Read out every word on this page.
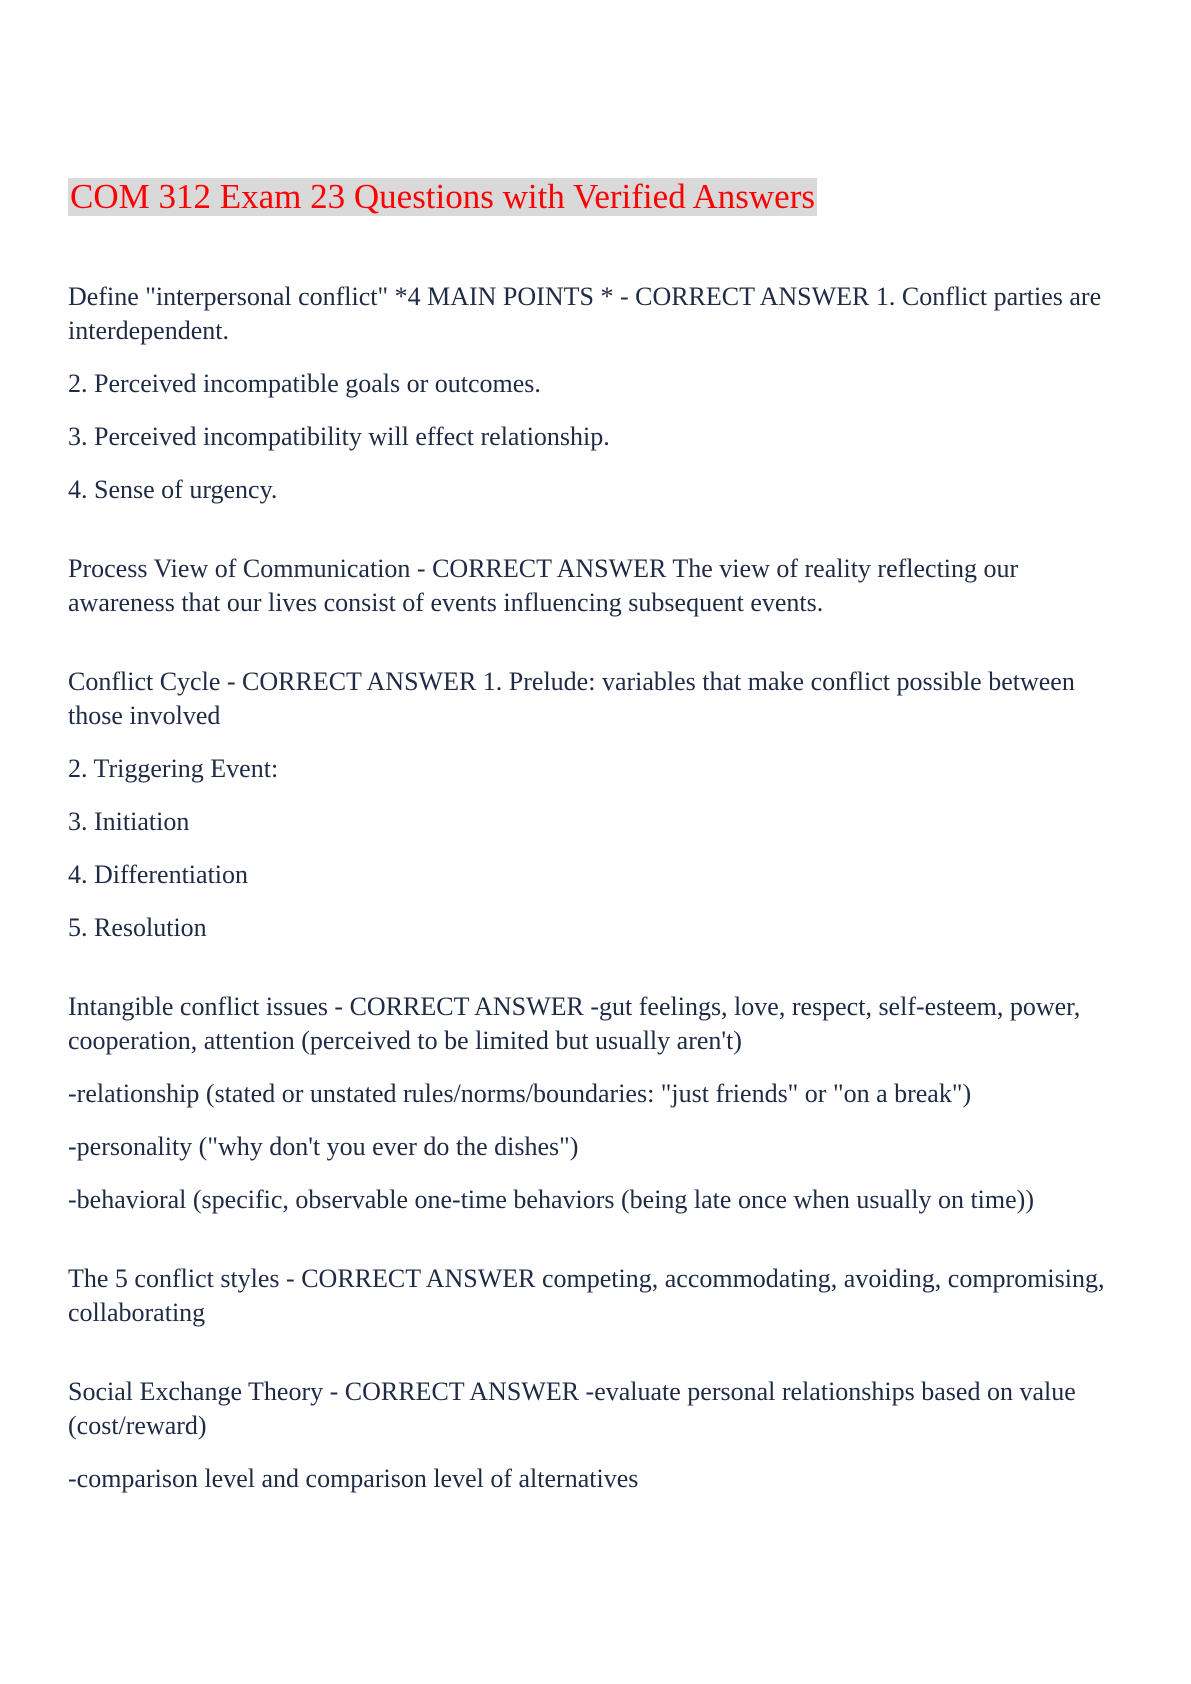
COM 312 Exam 23 Questions with Verified Answers

Define "interpersonal conflict" *4 MAIN POINTS * - CORRECT ANSWER 1. Conflict parties are interdependent.

2. Perceived incompatible goals or outcomes.

3. Perceived incompatibility will effect relationship.

4. Sense of urgency.

Process View of Communication - CORRECT ANSWER The view of reality reflecting our awareness that our lives consist of events influencing subsequent events.

Conflict Cycle - CORRECT ANSWER 1. Prelude: variables that make conflict possible between those involved

2. Triggering Event:

3. Initiation

4. Differentiation

5. Resolution

Intangible conflict issues - CORRECT ANSWER -gut feelings, love, respect, self-esteem, power, cooperation, attention (perceived to be limited but usually aren't)

-relationship (stated or unstated rules/norms/boundaries: "just friends" or "on a break")

-personality ("why don't you ever do the dishes")

-behavioral (specific, observable one-time behaviors (being late once when usually on time))

The 5 conflict styles - CORRECT ANSWER competing, accommodating, avoiding, compromising, collaborating

Social Exchange Theory - CORRECT ANSWER -evaluate personal relationships based on value (cost/reward)

-comparison level and comparison level of alternatives
